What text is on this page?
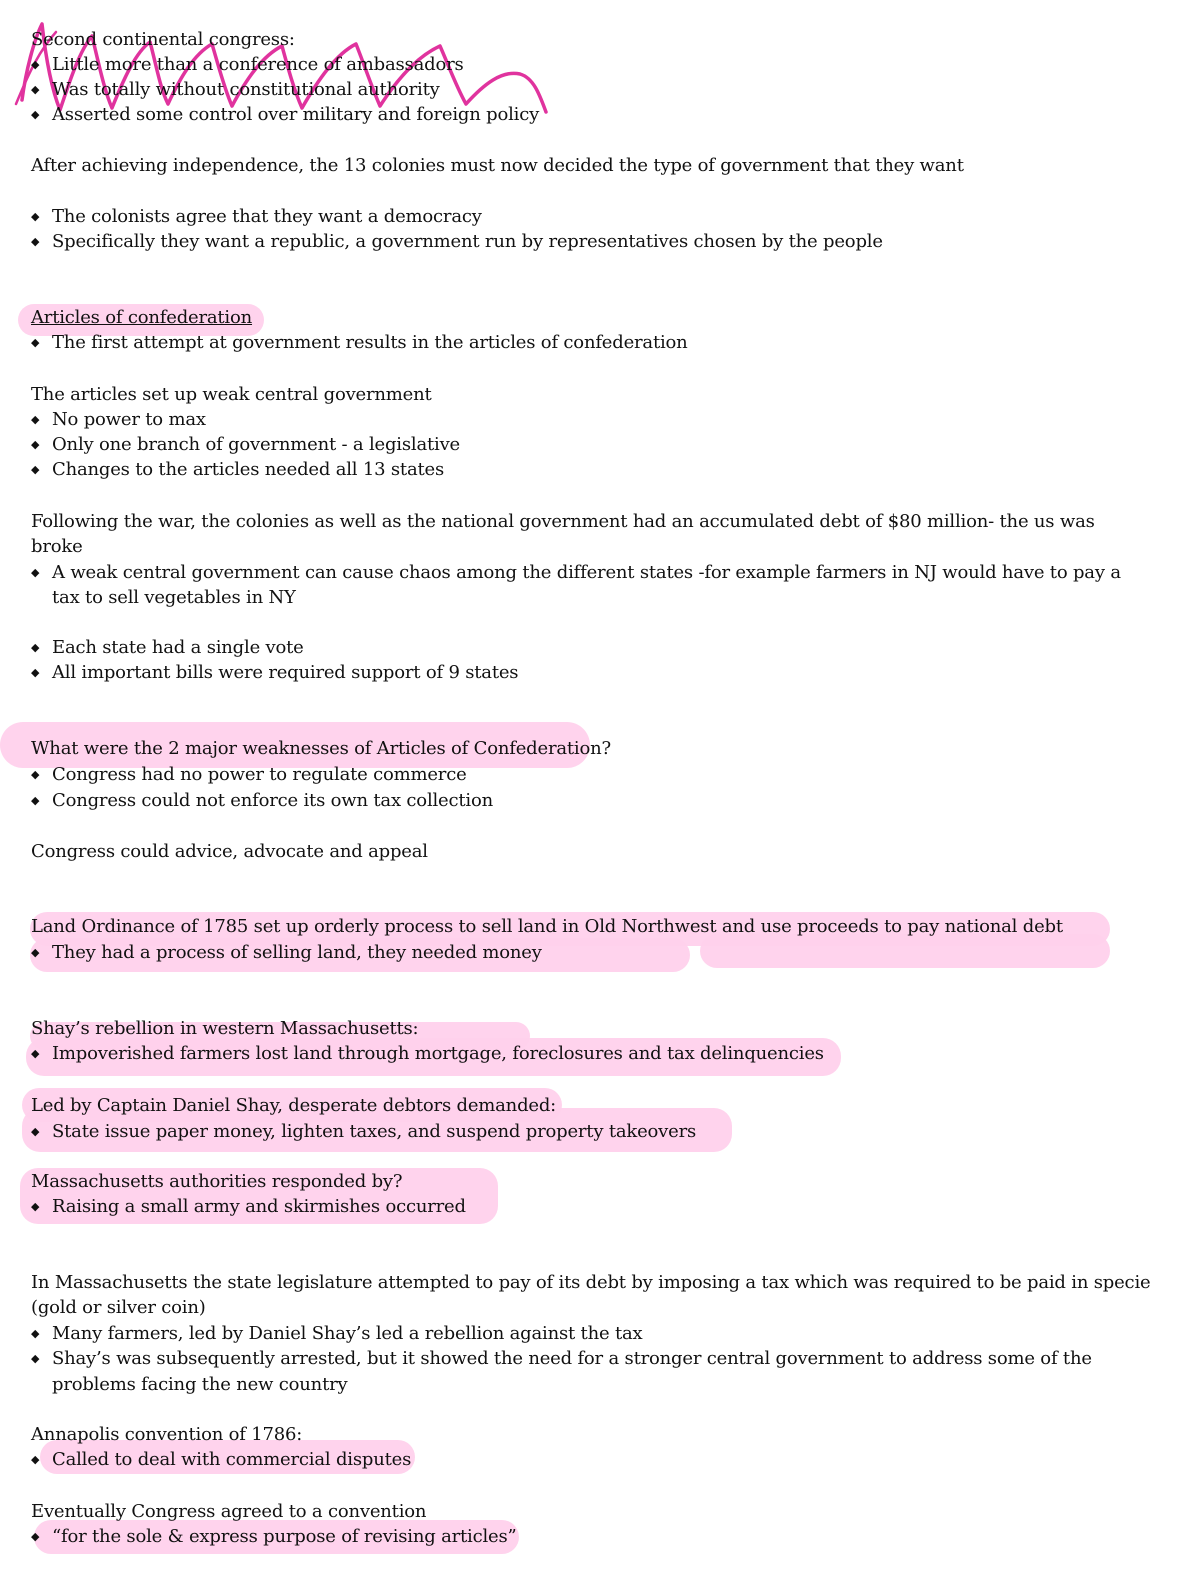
Second continental congress:
◆ Little more than a conference of ambassadors
◆ Was totally without constitutional authority
◆ Asserted some control over military and foreign policy
After achieving independence, the 13 colonies must now decided the type of government that they want
◆ The colonists agree that they want a democracy
◆ Specifically they want a republic, a government run by representatives chosen by the people
Articles of confederation
◆ The first attempt at government results in the articles of confederation
The articles set up weak central government
◆ No power to max
◆ Only one branch of government - a legislative
◆ Changes to the articles needed all 13 states
Following the war, the colonies as well as the national government had an accumulated debt of $80 million- the us was
broke
◆ A weak central government can cause chaos among the different states -for example farmers in NJ would have to pay a
tax to sell vegetables in NY
◆ Each state had a single vote
◆ All important bills were required support of 9 states
What were the 2 major weaknesses of Articles of Confederation?
◆ Congress had no power to regulate commerce
◆ Congress could not enforce its own tax collection
Congress could advice, advocate and appeal
Land Ordinance of 1785 set up orderly process to sell land in Old Northwest and use proceeds to pay national debt
◆ They had a process of selling land, they needed money
Shay’s rebellion in western Massachusetts:
◆ Impoverished farmers lost land through mortgage, foreclosures and tax delinquencies
Led by Captain Daniel Shay, desperate debtors demanded:
◆ State issue paper money, lighten taxes, and suspend property takeovers
Massachusetts authorities responded by?
◆ Raising a small army and skirmishes occurred
In Massachusetts the state legislature attempted to pay of its debt by imposing a tax which was required to be paid in specie
(gold or silver coin)
◆ Many farmers, led by Daniel Shay’s led a rebellion against the tax
◆ Shay’s was subsequently arrested, but it showed the need for a stronger central government to address some of the
problems facing the new country
Annapolis convention of 1786:
◆ Called to deal with commercial disputes
Eventually Congress agreed to a convention
◆ “for the sole & express purpose of revising articles”
